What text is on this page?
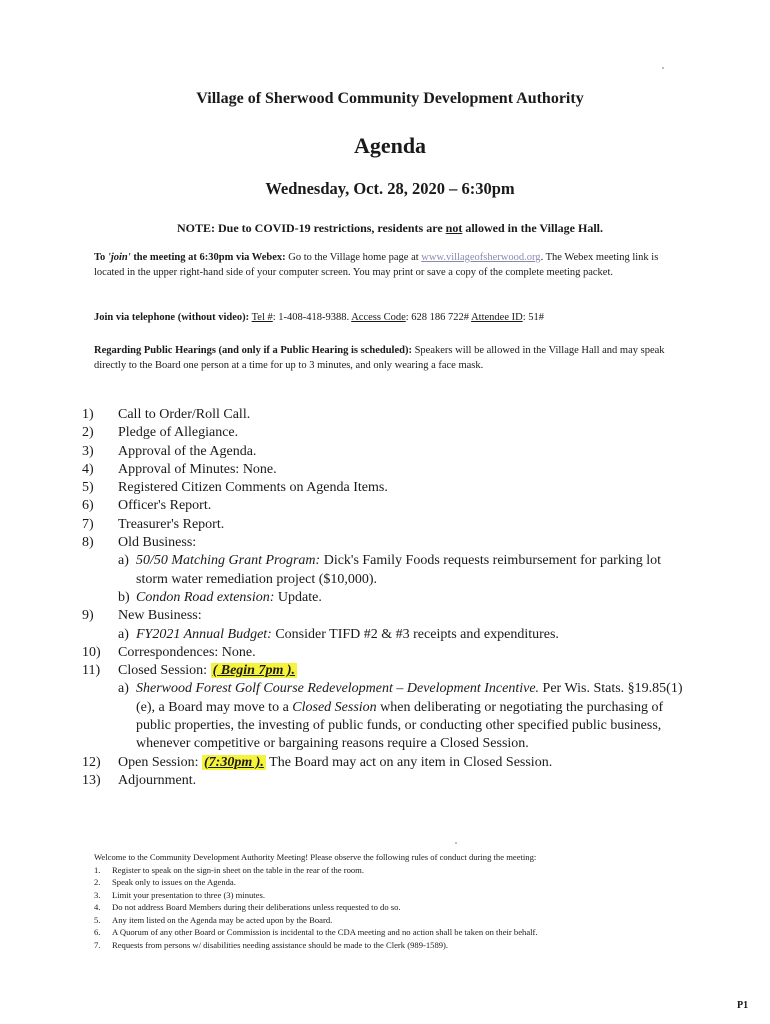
Village of Sherwood Community Development Authority
Agenda
Wednesday, Oct. 28, 2020 – 6:30pm
NOTE: Due to COVID-19 restrictions, residents are not allowed in the Village Hall.
To 'join' the meeting at 6:30pm via Webex: Go to the Village home page at www.villageofsherwood.org. The Webex meeting link is located in the upper right-hand side of your computer screen. You may print or save a copy of the complete meeting packet.
Join via telephone (without video): Tel #: 1-408-418-9388. Access Code: 628 186 722# Attendee ID: 51#
Regarding Public Hearings (and only if a Public Hearing is scheduled): Speakers will be allowed in the Village Hall and may speak directly to the Board one person at a time for up to 3 minutes, and only wearing a face mask.
1) Call to Order/Roll Call.
2) Pledge of Allegiance.
3) Approval of the Agenda.
4) Approval of Minutes: None.
5) Registered Citizen Comments on Agenda Items.
6) Officer's Report.
7) Treasurer's Report.
8) Old Business:
a) 50/50 Matching Grant Program: Dick's Family Foods requests reimbursement for parking lot storm water remediation project ($10,000).
b) Condon Road extension: Update.
9) New Business:
a) FY2021 Annual Budget: Consider TIFD #2 & #3 receipts and expenditures.
10) Correspondences: None.
11) Closed Session: ( Begin 7pm ).
a) Sherwood Forest Golf Course Redevelopment – Development Incentive. Per Wis. Stats. §19.85(1)(e), a Board may move to a Closed Session when deliberating or negotiating the purchasing of public properties, the investing of public funds, or conducting other specified public business, whenever competitive or bargaining reasons require a Closed Session.
12) Open Session: (7:30pm ). The Board may act on any item in Closed Session.
13) Adjournment.
Welcome to the Community Development Authority Meeting! Please observe the following rules of conduct during the meeting:
1. Register to speak on the sign-in sheet on the table in the rear of the room.
2. Speak only to issues on the Agenda.
3. Limit your presentation to three (3) minutes.
4. Do not address Board Members during their deliberations unless requested to do so.
5. Any item listed on the Agenda may be acted upon by the Board.
6. A Quorum of any other Board or Commission is incidental to the CDA meeting and no action shall be taken on their behalf.
7. Requests from persons w/ disabilities needing assistance should be made to the Clerk (989-1589).
P1
